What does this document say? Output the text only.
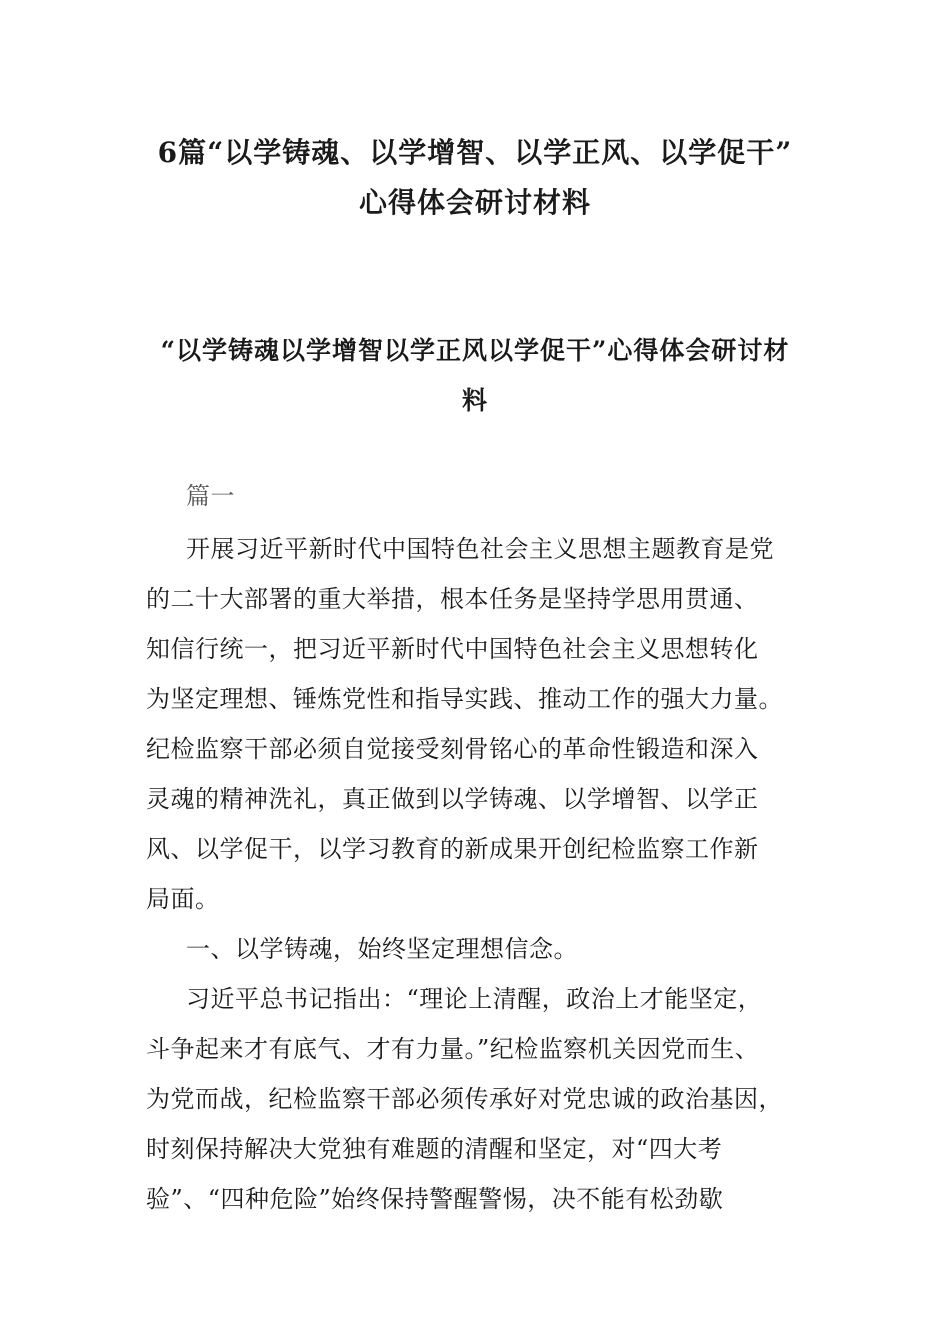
6篇“以学铸魂、以学增智、以学正风、以学促干”
心得体会研讨材料
“以学铸魂以学增智以学正风以学促干”心得体会研讨材
料
篇一
开展习近平新时代中国特色社会主义思想主题教育是党
的二十大部署的重大举措，根本任务是坚持学思用贯通、
知信行统一，把习近平新时代中国特色社会主义思想转化
为坚定理想、锤炼党性和指导实践、推动工作的强大力量。
纪检监察干部必须自觉接受刻骨铭心的革命性锻造和深入
灵魂的精神洗礼，真正做到以学铸魂、以学增智、以学正
风、以学促干，以学习教育的新成果开创纪检监察工作新
局面。
一、以学铸魂，始终坚定理想信念。
习近平总书记指出：“理论上清醒，政治上才能坚定，
斗争起来才有底气、才有力量。”纪检监察机关因党而生、
为党而战，纪检监察干部必须传承好对党忠诚的政治基因，
时刻保持解决大党独有难题的清醒和坚定，对“四大考
验”、“四种危险”始终保持警醒警惕，决不能有松劲歇
